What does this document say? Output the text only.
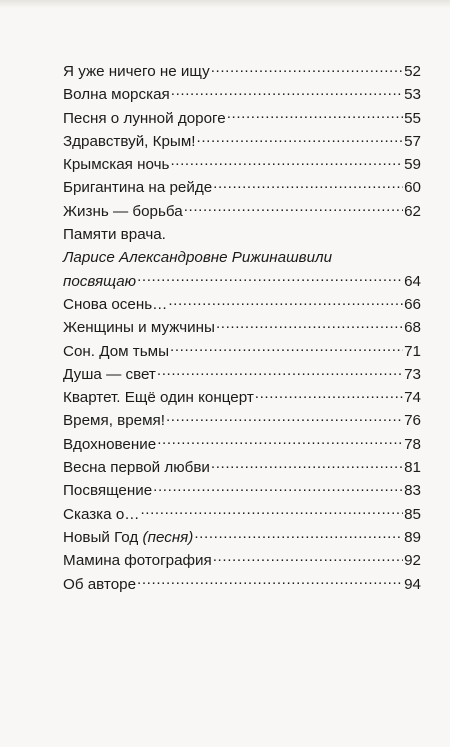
Я уже ничего не ищу .....	52
Волна морская .....	53
Песня о лунной дороге .....	55
Здравствуй, Крым! .....	57
Крымская ночь .....	59
Бригантина на рейде .....	60
Жизнь — борьба .....	62
Памяти врача.
Ларисе Александровне Рижинашвили
посвящаю .....	64
Снова осень… .....	66
Женщины и мужчины .....	68
Сон. Дом тьмы .....	71
Душа — свет .....	73
Квартет. Ещё один концерт .....	74
Время, время! .....	76
Вдохновение .....	78
Весна первой любви .....	81
Посвящение .....	83
Сказка о… .....	85
Новый Год (песня) .....	89
Мамина фотография .....	92
Об авторе .....	94
